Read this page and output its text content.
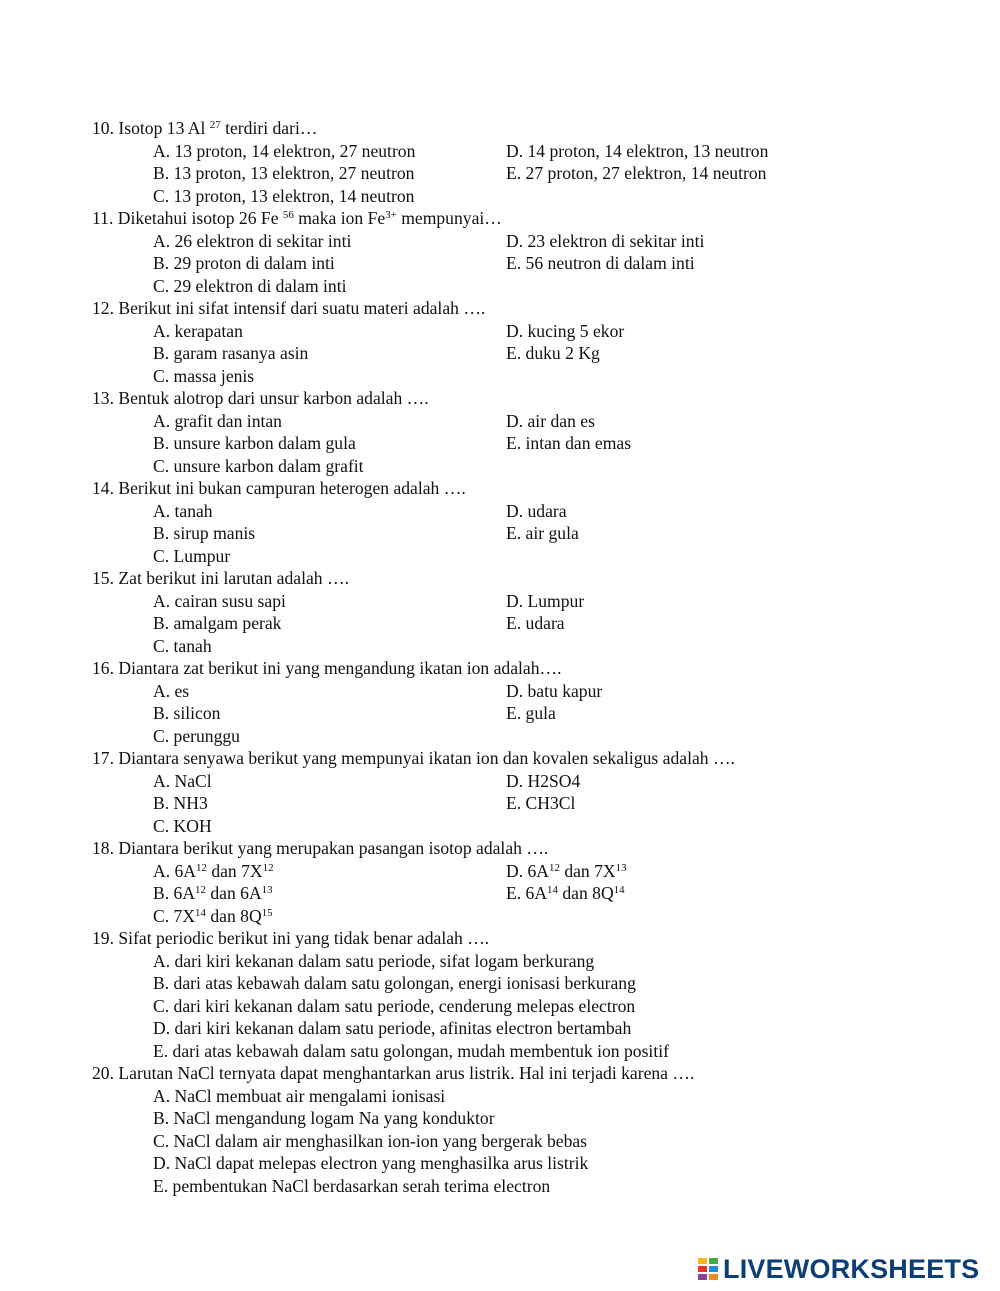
10. Isotop 13 Al $^{27}$ terdiri dari…
A. 13 proton, 14 elektron, 27 neutron	D. 14 proton, 14 elektron, 13 neutron
B. 13 proton, 13 elektron, 27 neutron	E. 27 proton, 27 elektron, 14 neutron
C. 13 proton, 13 elektron, 14 neutron
11. Diketahui isotop 26 Fe $^{56}$ maka ion $Fe^{3+}$ mempunyai…
A. 26 elektron di sekitar inti	D. 23 elektron di sekitar inti
B. 29 proton di dalam inti	E. 56 neutron di dalam inti
C. 29 elektron di dalam inti
12. Berikut ini sifat intensif dari suatu materi adalah ….
A. kerapatan	D. kucing 5 ekor
B. garam rasanya asin	E. duku 2 Kg
C. massa jenis
13. Bentuk alotrop dari unsur karbon adalah ….
A. grafit dan intan	D. air dan es
B. unsure karbon dalam gula	E. intan dan emas
C. unsure karbon dalam grafit
14. Berikut ini bukan campuran heterogen adalah ….
A. tanah	D. udara
B. sirup manis	E. air gula
C. Lumpur
15. Zat berikut ini larutan adalah ….
A. cairan susu sapi	D. Lumpur
B. amalgam perak	E. udara
C. tanah
16. Diantara zat berikut ini yang mengandung ikatan ion adalah….
A. es	D. batu kapur
B. silicon	E. gula
C. perunggu
17. Diantara senyawa berikut yang mempunyai ikatan ion dan kovalen sekaligus adalah ….
A. NaCl	D. H2SO4
B. NH3	E. CH3Cl
C. KOH
18. Diantara berikut yang merupakan pasangan isotop adalah ….
A. $6A^{12}$ dan $7X^{12}$	D. $6A^{12}$ dan $7X^{13}$
B. $6A^{12}$ dan $6A^{13}$	E. $6A^{14}$ dan $8Q^{14}$
C. $7X^{14}$ dan $8Q^{15}$
19. Sifat periodic berikut ini yang tidak benar adalah ….
A. dari kiri kekanan dalam satu periode, sifat logam berkurang
B. dari atas kebawah dalam satu golongan, energi ionisasi berkurang
C. dari kiri kekanan dalam satu periode, cenderung melepas electron
D. dari kiri kekanan dalam satu periode, afinitas electron bertambah
E. dari atas kebawah dalam satu golongan, mudah membentuk ion positif
20. Larutan NaCl ternyata dapat menghantarkan arus listrik. Hal ini terjadi karena ….
A. NaCl membuat air mengalami ionisasi
B. NaCl mengandung logam Na yang konduktor
C. NaCl dalam air menghasilkan ion-ion yang bergerak bebas
D. NaCl dapat melepas electron yang menghasilka arus listrik
E. pembentukan NaCl berdasarkan serah terima electron
LIVEWORKSHEETS
